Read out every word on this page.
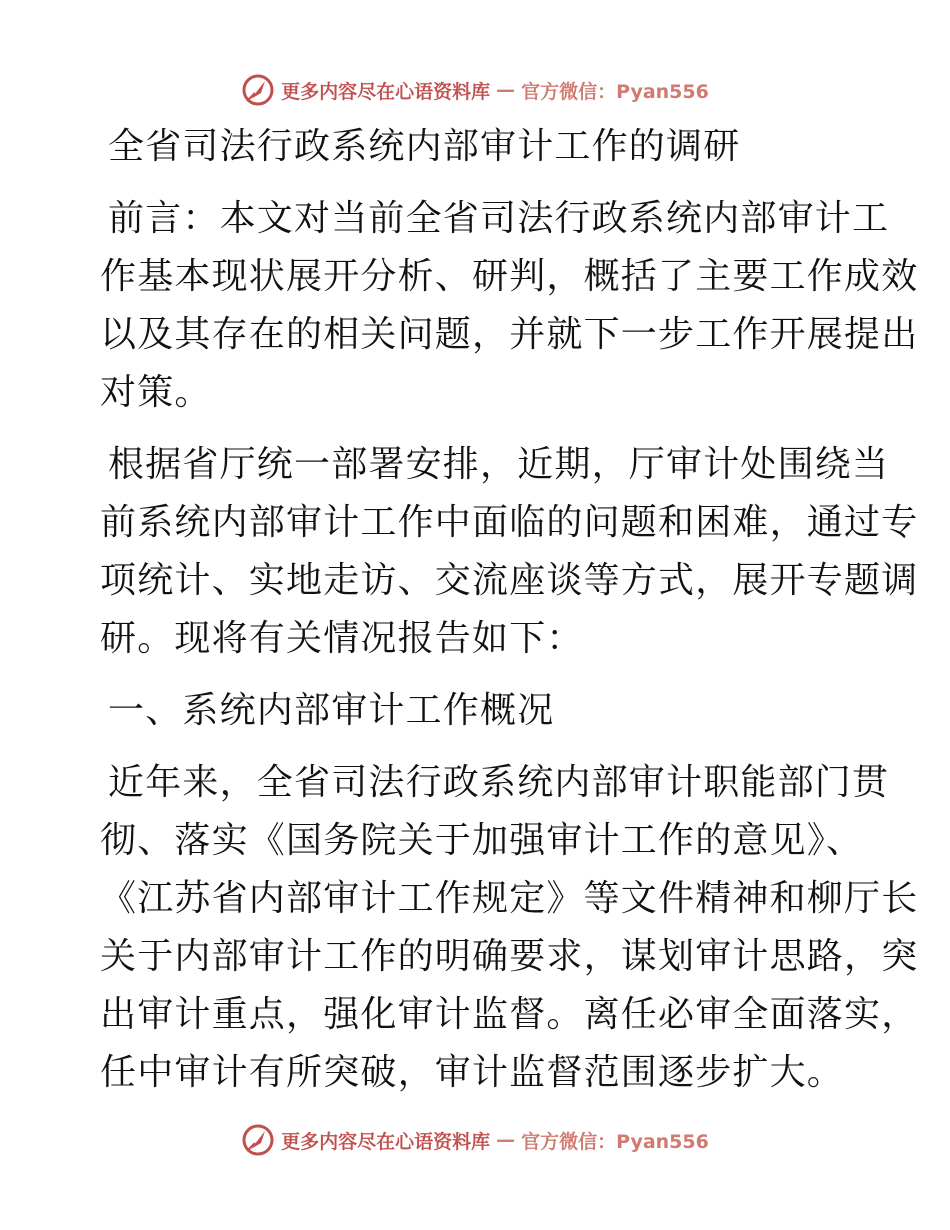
更多内容尽在心语资料库 — 官方微信：Pyan556
全省司法行政系统内部审计工作的调研
前言：本文对当前全省司法行政系统内部审计工
作基本现状展开分析、研判，概括了主要工作成效
以及其存在的相关问题，并就下一步工作开展提出
对策。
根据省厅统一部署安排，近期，厅审计处围绕当
前系统内部审计工作中面临的问题和困难，通过专
项统计、实地走访、交流座谈等方式，展开专题调
研。现将有关情况报告如下：
一、系统内部审计工作概况
近年来，全省司法行政系统内部审计职能部门贯
彻、落实《国务院关于加强审计工作的意见》、
《江苏省内部审计工作规定》等文件精神和柳厅长
关于内部审计工作的明确要求，谋划审计思路，突
出审计重点，强化审计监督。离任必审全面落实，
任中审计有所突破，审计监督范围逐步扩大。
更多内容尽在心语资料库 — 官方微信：Pyan556
